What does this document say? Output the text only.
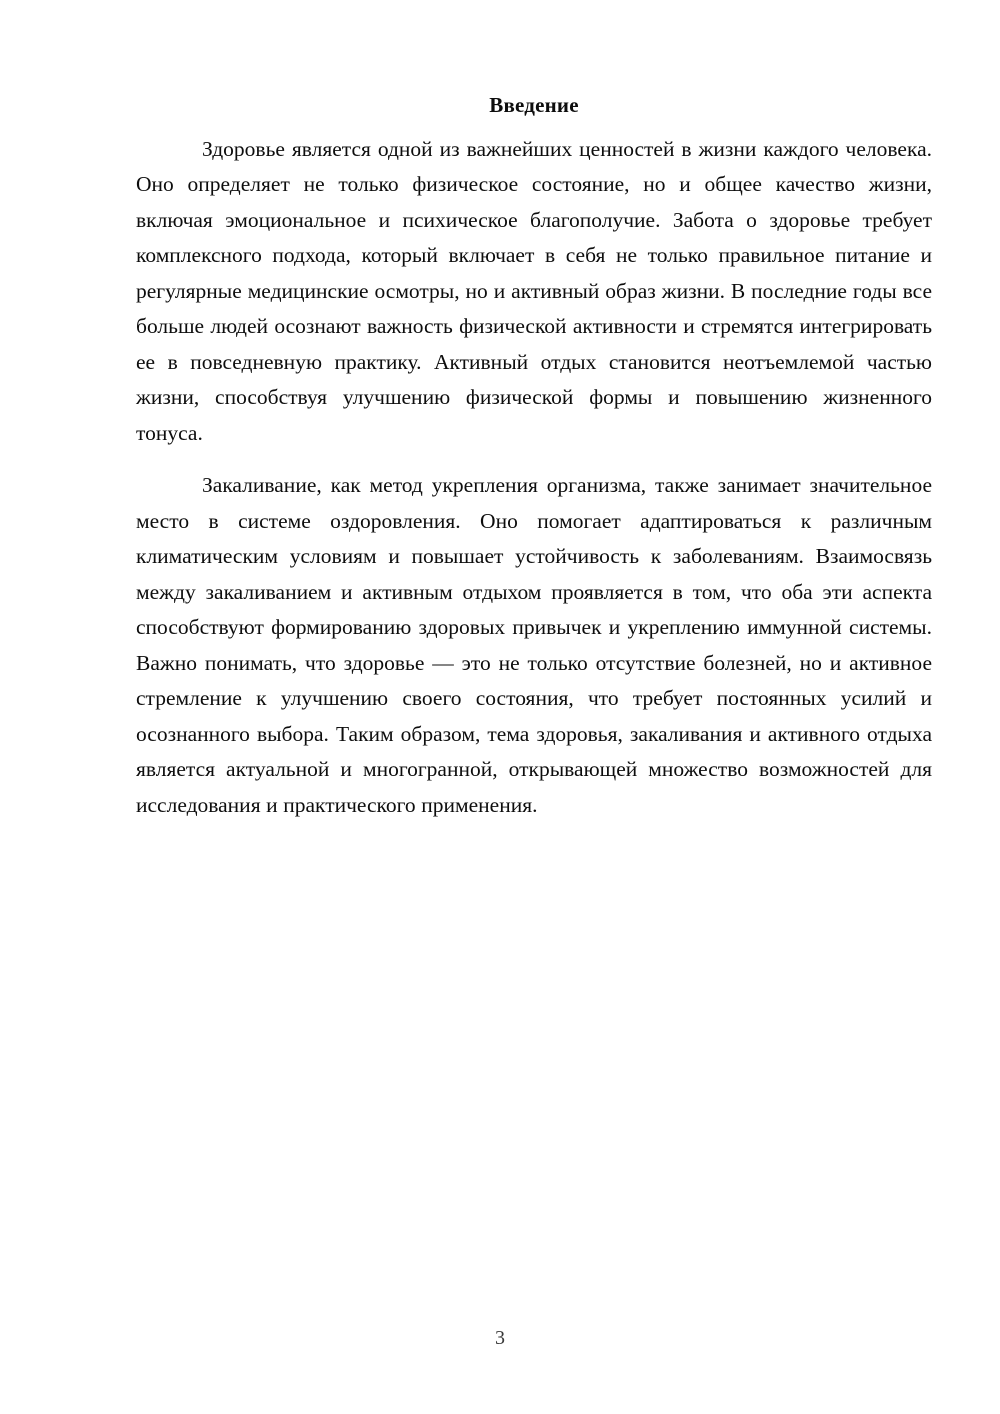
Введение

Здоровье является одной из важнейших ценностей в жизни каждого человека. Оно определяет не только физическое состояние, но и общее качество жизни, включая эмоциональное и психическое благополучие. Забота о здоровье требует комплексного подхода, который включает в себя не только правильное питание и регулярные медицинские осмотры, но и активный образ жизни. В последние годы все больше людей осознают важность физической активности и стремятся интегрировать ее в повседневную практику. Активный отдых становится неотъемлемой частью жизни, способствуя улучшению физической формы и повышению жизненного тонуса.

Закаливание, как метод укрепления организма, также занимает значительное место в системе оздоровления. Оно помогает адаптироваться к различным климатическим условиям и повышает устойчивость к заболеваниям. Взаимосвязь между закаливанием и активным отдыхом проявляется в том, что оба эти аспекта способствуют формированию здоровых привычек и укреплению иммунной системы. Важно понимать, что здоровье — это не только отсутствие болезней, но и активное стремление к улучшению своего состояния, что требует постоянных усилий и осознанного выбора. Таким образом, тема здоровья, закаливания и активного отдыха является актуальной и многогранной, открывающей множество возможностей для исследования и практического применения.

3
